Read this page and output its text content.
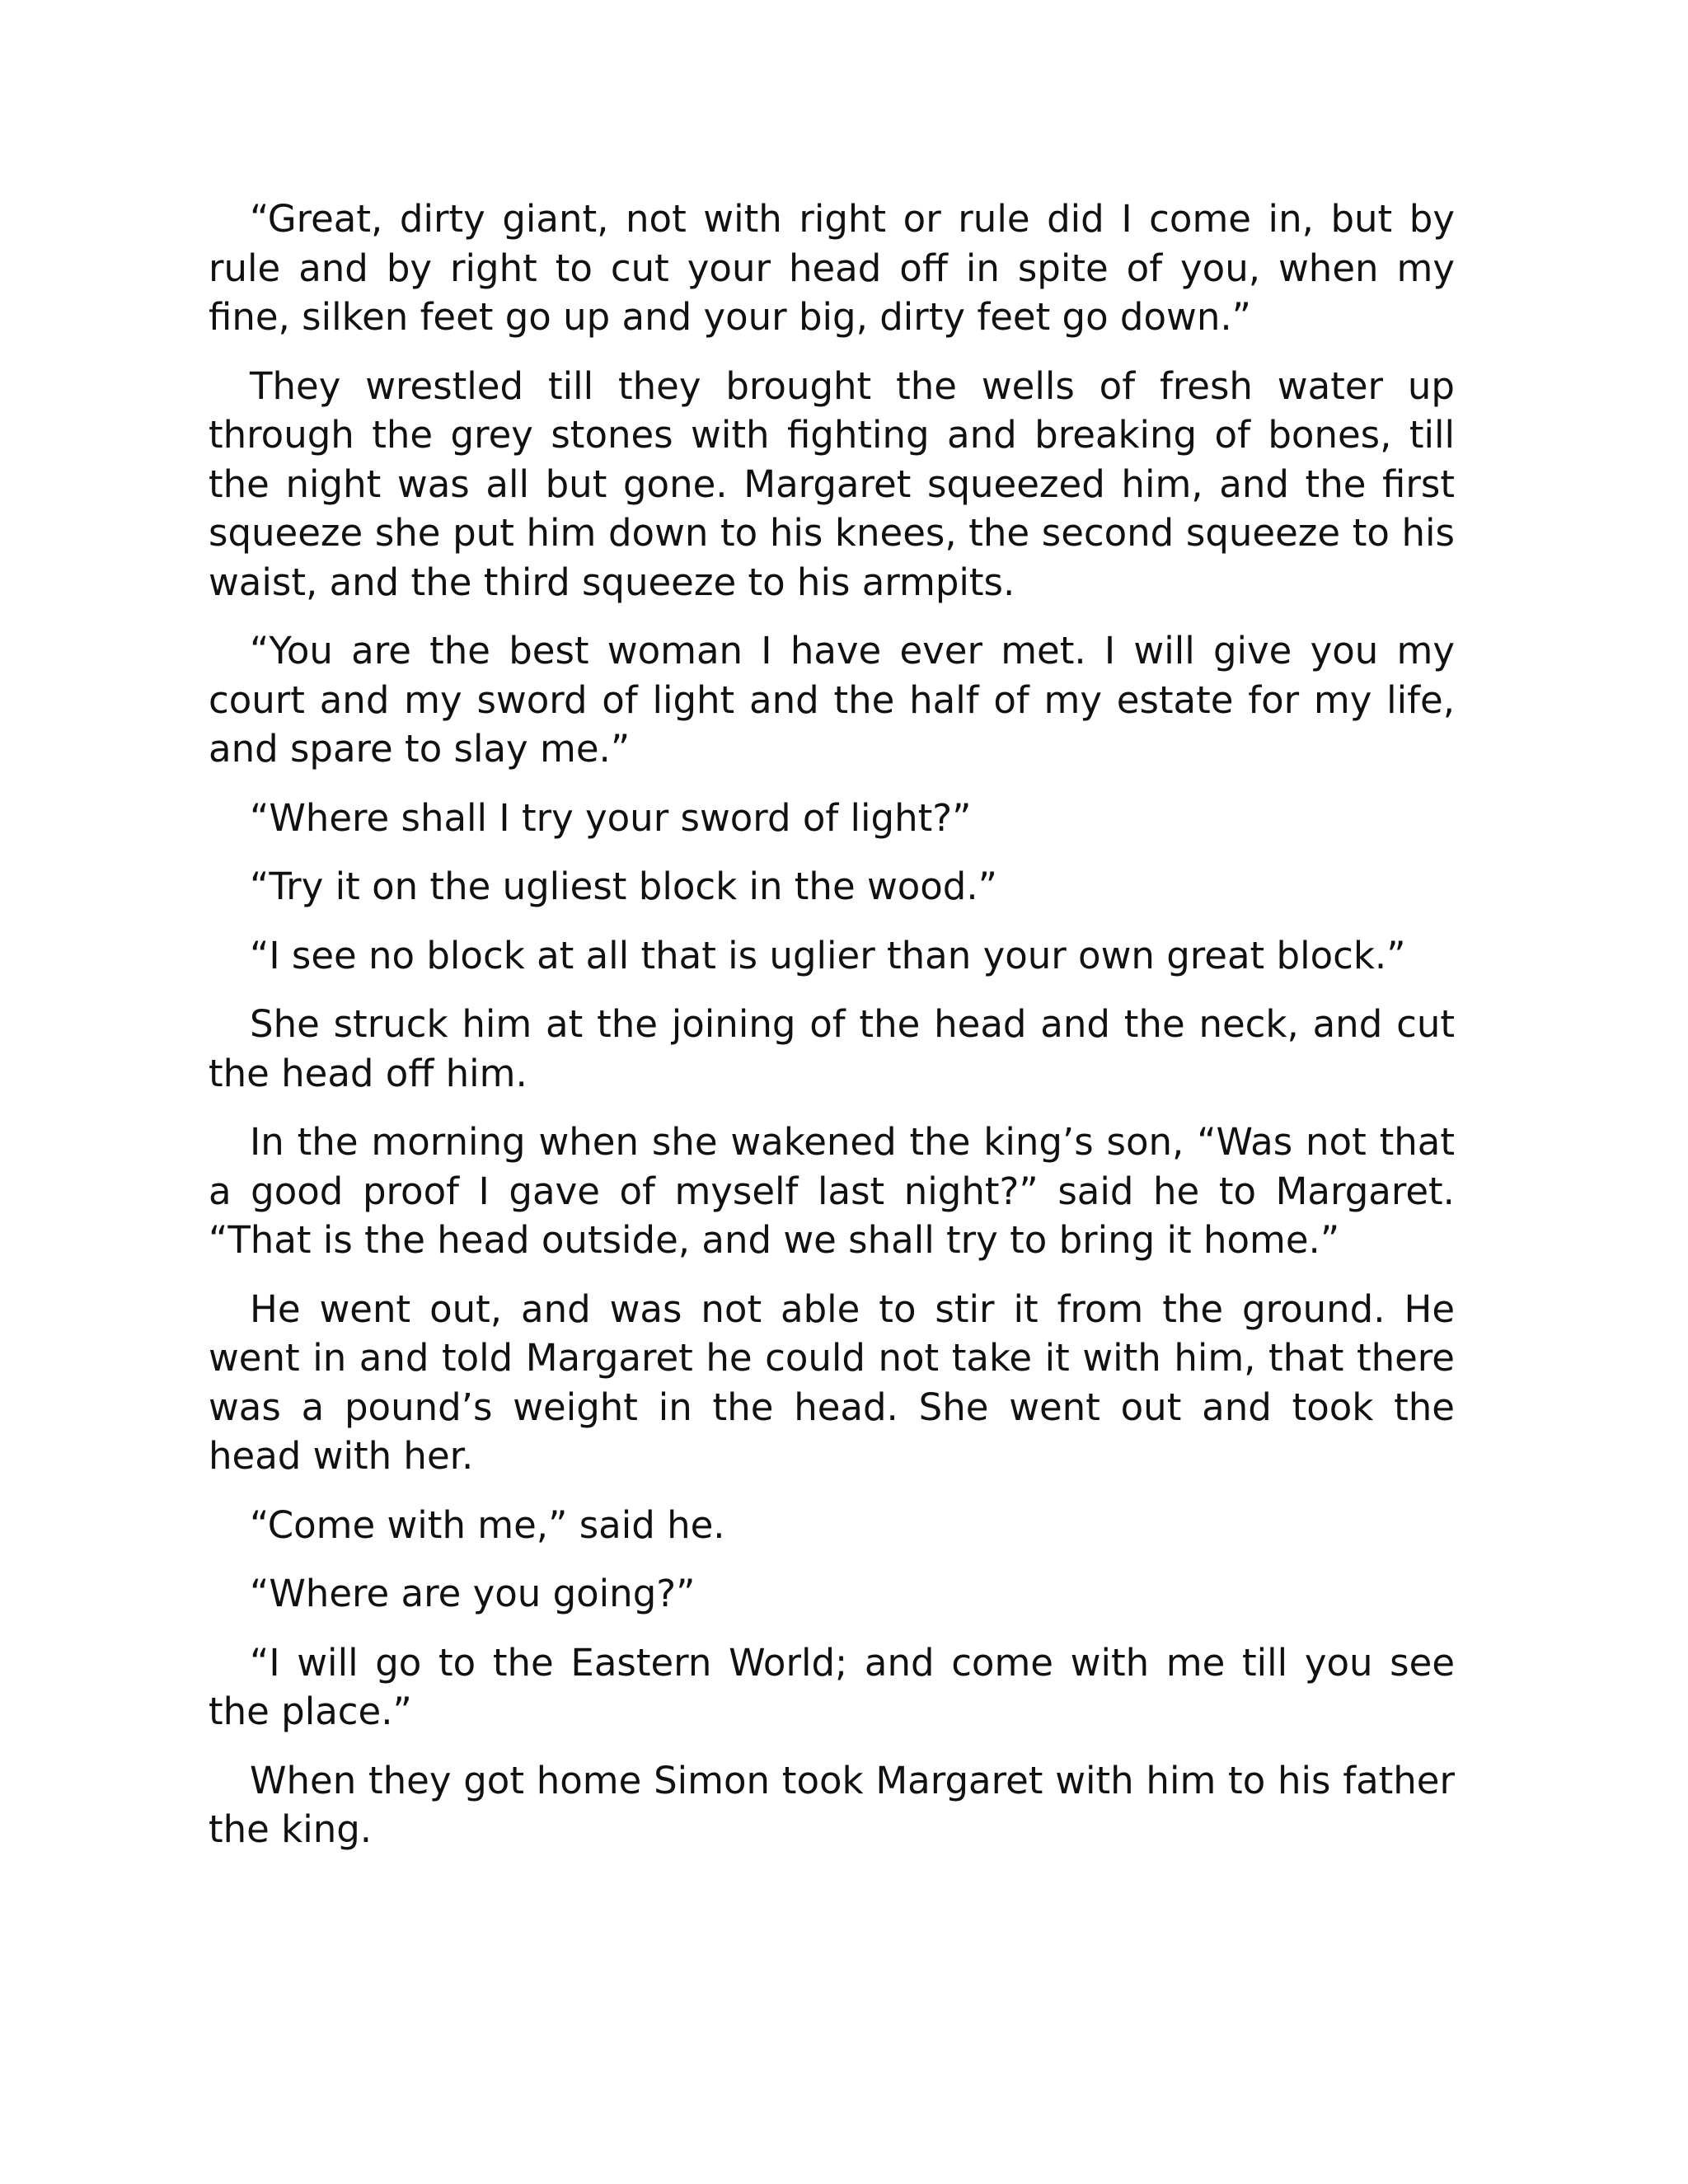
“Great, dirty giant, not with right or rule did I come in, but by rule and by right to cut your head off in spite of you, when my fine, silken feet go up and your big, dirty feet go down.”

They wrestled till they brought the wells of fresh water up through the grey stones with fighting and breaking of bones, till the night was all but gone. Margaret squeezed him, and the first squeeze she put him down to his knees, the second squeeze to his waist, and the third squeeze to his armpits.

“You are the best woman I have ever met. I will give you my court and my sword of light and the half of my estate for my life, and spare to slay me.”

“Where shall I try your sword of light?”

“Try it on the ugliest block in the wood.”

“I see no block at all that is uglier than your own great block.”

She struck him at the joining of the head and the neck, and cut the head off him.

In the morning when she wakened the king’s son, “Was not that a good proof I gave of myself last night?” said he to Margaret. “That is the head outside, and we shall try to bring it home.”

He went out, and was not able to stir it from the ground. He went in and told Margaret he could not take it with him, that there was a pound’s weight in the head. She went out and took the head with her.

“Come with me,” said he.

“Where are you going?”

“I will go to the Eastern World; and come with me till you see the place.”

When they got home Simon took Margaret with him to his father the king.
